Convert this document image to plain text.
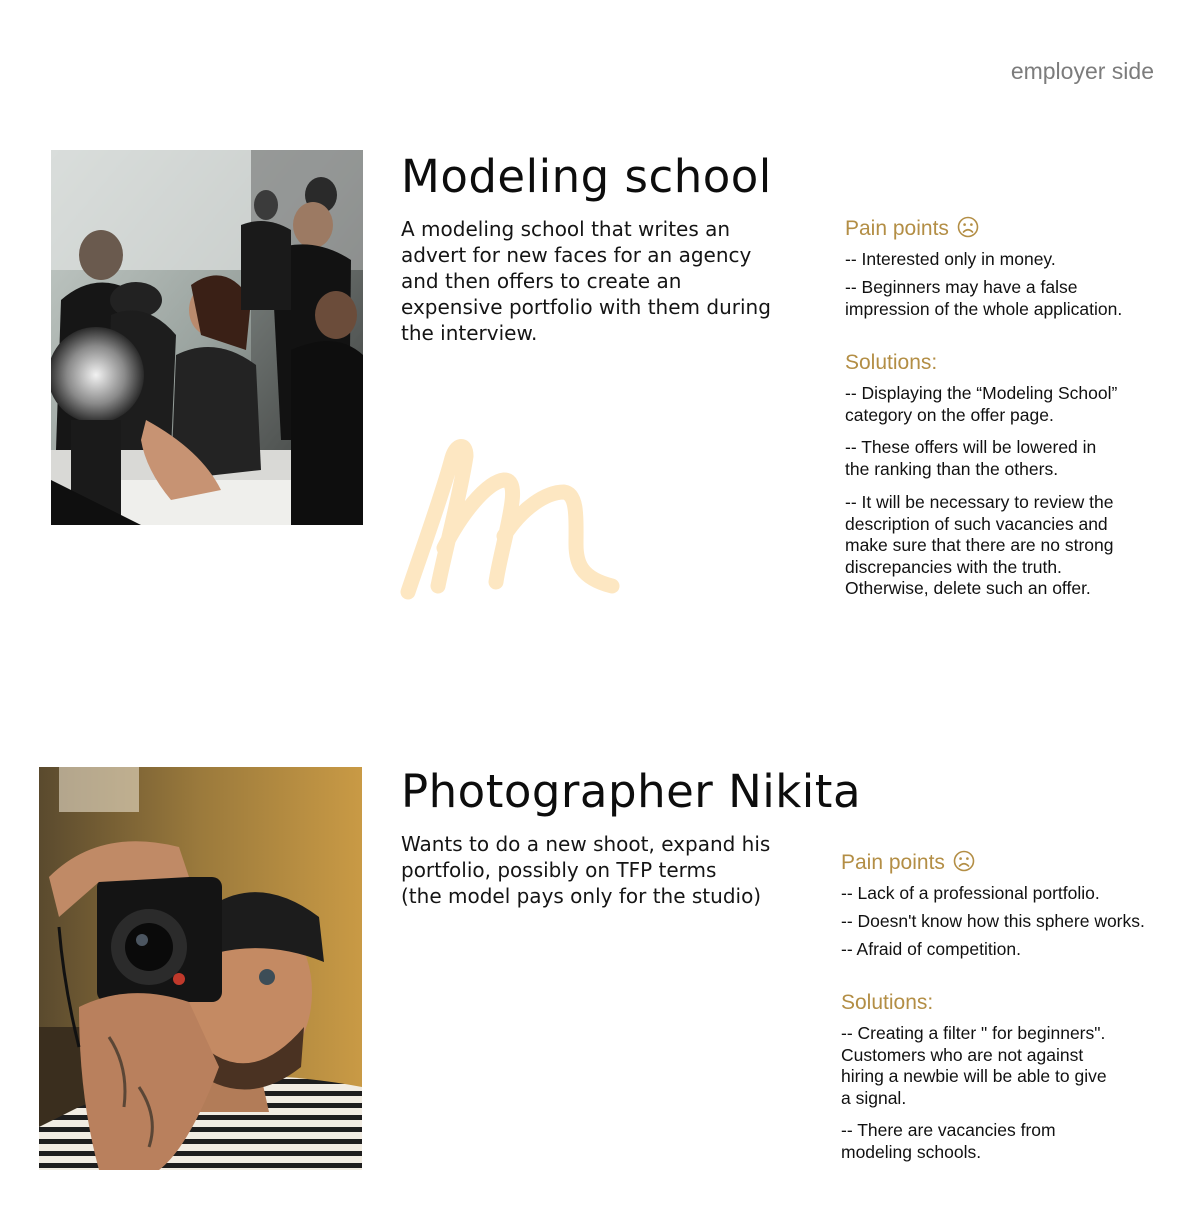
employer side
Modeling school

A modeling school that writes an
advert for new faces for an agency
and then offers to create an
expensive portfolio with them during
the interview.

Pain points

-- Interested only in money.

-- Beginners may have a false
impression of the whole application.

Solutions:

-- Displaying the “Modeling School”
category on the offer page.

-- These offers will be lowered in
the ranking than the others.

-- It will be necessary to review the
description of such vacancies and
make sure that there are no strong
discrepancies with the truth.
Otherwise, delete such an offer.

Photographer Nikita

Wants to do a new shoot, expand his
portfolio, possibly on TFP terms
(the model pays only for the studio)

Pain points

-- Lack of a professional portfolio.

-- Doesn't know how this sphere works.

-- Afraid of competition.

Solutions:

-- Creating a filter " for beginners".
Customers who are not against
hiring a newbie will be able to give
a signal.

-- There are vacancies from
modeling schools.
